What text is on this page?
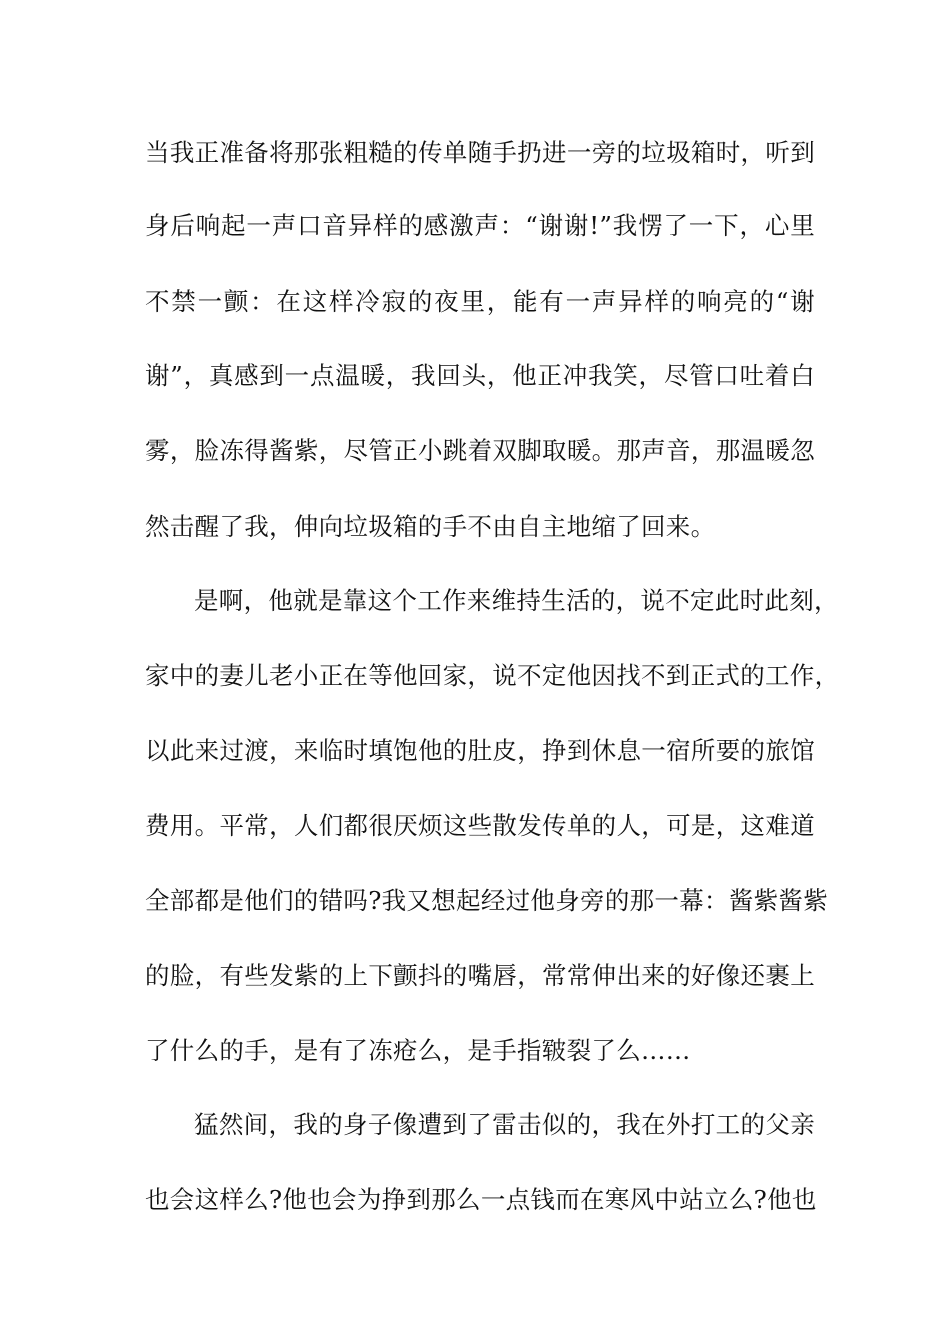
当我正准备将那张粗糙的传单随手扔进一旁的垃圾箱时，听到
身后响起一声口音异样的感激声：“谢谢!”我愣了一下，心里
不禁一颤：在这样冷寂的夜里，能有一声异样的响亮的“谢
谢”，真感到一点温暖，我回头，他正冲我笑，尽管口吐着白
雾，脸冻得酱紫，尽管正小跳着双脚取暖。那声音，那温暖忽
然击醒了我，伸向垃圾箱的手不由自主地缩了回来。
是啊，他就是靠这个工作来维持生活的，说不定此时此刻，
家中的妻儿老小正在等他回家，说不定他因找不到正式的工作，
以此来过渡，来临时填饱他的肚皮，挣到休息一宿所要的旅馆
费用。平常，人们都很厌烦这些散发传单的人，可是，这难道
全部都是他们的错吗?我又想起经过他身旁的那一幕：酱紫酱紫
的脸，有些发紫的上下颤抖的嘴唇，常常伸出来的好像还裹上
了什么的手，是有了冻疮么，是手指皲裂了么……
猛然间，我的身子像遭到了雷击似的，我在外打工的父亲
也会这样么?他也会为挣到那么一点钱而在寒风中站立么?他也
